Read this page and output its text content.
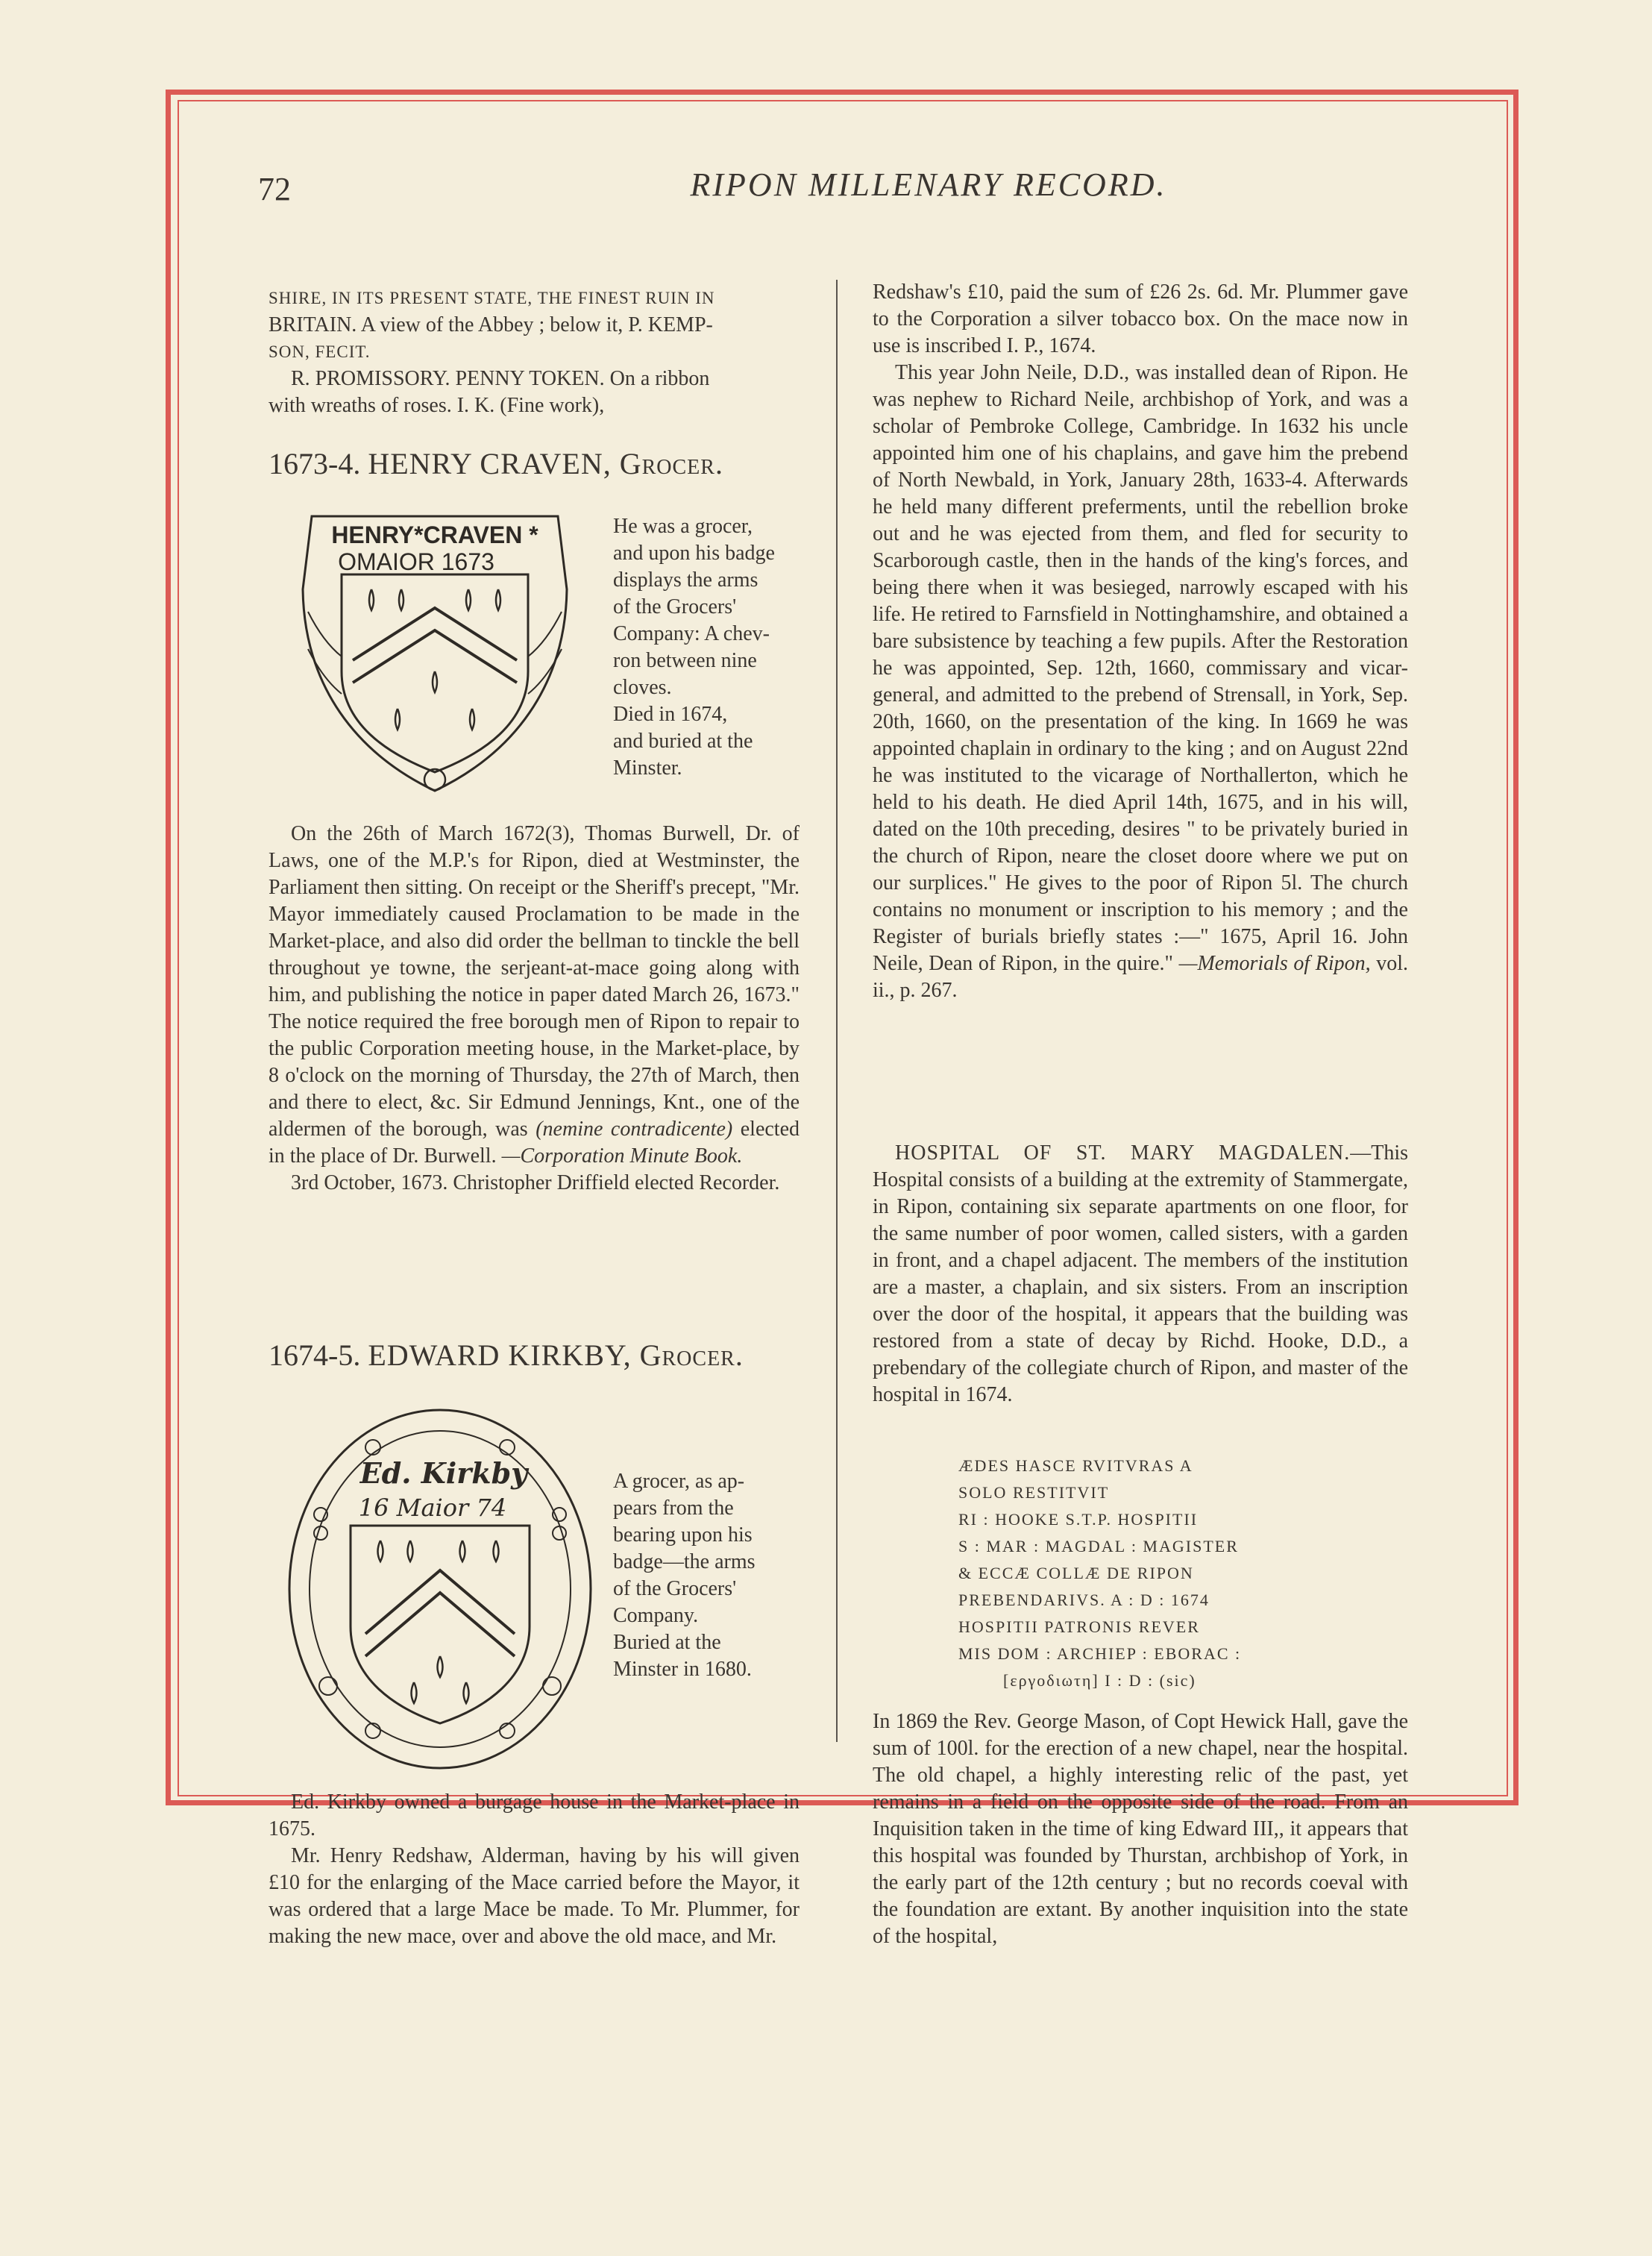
72	RIPON MILLENARY RECORD.

SHIRE, IN ITS PRESENT STATE, THE FINEST RUIN IN

BRITAIN. A view of the Abbey ; below it, P. KEMP-

SON, FECIT.

R. PROMISSORY. PENNY TOKEN. On a ribbon

with wreaths of roses. I. K. (Fine work),

1673-4. HENRY CRAVEN, Grocer.

HENRY*CRAVEN *
OMAIOR 1673

He was a grocer,

and upon his badge

displays the arms

of the Grocers'

Company: A chev-

ron between nine

cloves.

Died in 1674,

and buried at the

Minster.

On the 26th of March 1672(3), Thomas Burwell, Dr. of Laws, one of the M.P.'s for Ripon, died at Westminster, the Parliament then sitting. On receipt or the Sheriff's precept, "Mr. Mayor immediately caused Proclamation to be made in the Market-place, and also did order the bellman to tinckle the bell throughout ye towne, the serjeant-at-mace going along with him, and publishing the notice in paper dated March 26, 1673." The notice required the free borough men of Ripon to repair to the public Corporation meeting house, in the Market-place, by 8 o'clock on the morning of Thursday, the 27th of March, then and there to elect, &c. Sir Edmund Jennings, Knt., one of the aldermen of the borough, was (nemine contradicente) elected in the place of Dr. Burwell. —Corporation Minute Book.

3rd October, 1673. Christopher Driffield elected Recorder.

1674-5. EDWARD KIRKBY, Grocer.

Ed. Kirkby
16 Maior 74

A grocer, as ap-

pears from the

bearing upon his

badge—the arms

of the Grocers'

Company.

Buried at the

Minster in 1680.

Ed. Kirkby owned a burgage house in the Market-place in 1675.

Mr. Henry Redshaw, Alderman, having by his will given £10 for the enlarging of the Mace carried before the Mayor, it was ordered that a large Mace be made. To Mr. Plummer, for making the new mace, over and above the old mace, and Mr.

Redshaw's £10, paid the sum of £26 2s. 6d. Mr. Plummer gave to the Corporation a silver tobacco box. On the mace now in use is inscribed I. P., 1674.

This year John Neile, D.D., was installed dean of Ripon. He was nephew to Richard Neile, archbishop of York, and was a scholar of Pembroke College, Cambridge. In 1632 his uncle appointed him one of his chaplains, and gave him the prebend of North Newbald, in York, January 28th, 1633-4. Afterwards he held many different preferments, until the rebellion broke out and he was ejected from them, and fled for security to Scarborough castle, then in the hands of the king's forces, and being there when it was besieged, narrowly escaped with his life. He retired to Farnsfield in Nottinghamshire, and obtained a bare subsistence by teaching a few pupils. After the Restoration he was appointed, Sep. 12th, 1660, commissary and vicar-general, and admitted to the prebend of Strensall, in York, Sep. 20th, 1660, on the presentation of the king. In 1669 he was appointed chaplain in ordinary to the king ; and on August 22nd he was instituted to the vicarage of Northallerton, which he held to his death. He died April 14th, 1675, and in his will, dated on the 10th preceding, desires " to be privately buried in the church of Ripon, neare the closet doore where we put on our surplices." He gives to the poor of Ripon 5l. The church contains no monument or inscription to his memory ; and the Register of burials briefly states :—" 1675, April 16. John Neile, Dean of Ripon, in the quire." —Memorials of Ripon, vol. ii., p. 267.

HOSPITAL OF ST. MARY MAGDALEN.—This Hospital consists of a building at the extremity of Stammergate, in Ripon, containing six separate apartments on one floor, for the same number of poor women, called sisters, with a garden in front, and a chapel adjacent. The members of the institution are a master, a chaplain, and six sisters. From an inscription over the door of the hospital, it appears that the building was restored from a state of decay by Richd. Hooke, D.D., a prebendary of the collegiate church of Ripon, and master of the hospital in 1674.

ÆDES HASCE RVITVRAS A
SOLO RESTITVIT
RI : HOOKE S.T.P. HOSPITII
S : MAR : MAGDAL : MAGISTER
& ECCÆ COLLÆ DE RIPON
PREBENDARIVS. A : D : 1674
HOSPITII PATRONIS REVER
MIS DOM : ARCHIEP : EBORAC :
[εργοδιωτη] I : D : (sic)

In 1869 the Rev. George Mason, of Copt Hewick Hall, gave the sum of 100l. for the erection of a new chapel, near the hospital. The old chapel, a highly interesting relic of the past, yet remains in a field on the opposite side of the road. From an Inquisition taken in the time of king Edward III,, it appears that this hospital was founded by Thurstan, archbishop of York, in the early part of the 12th century ; but no records coeval with the foundation are extant. By another inquisition into the state of the hospital,
